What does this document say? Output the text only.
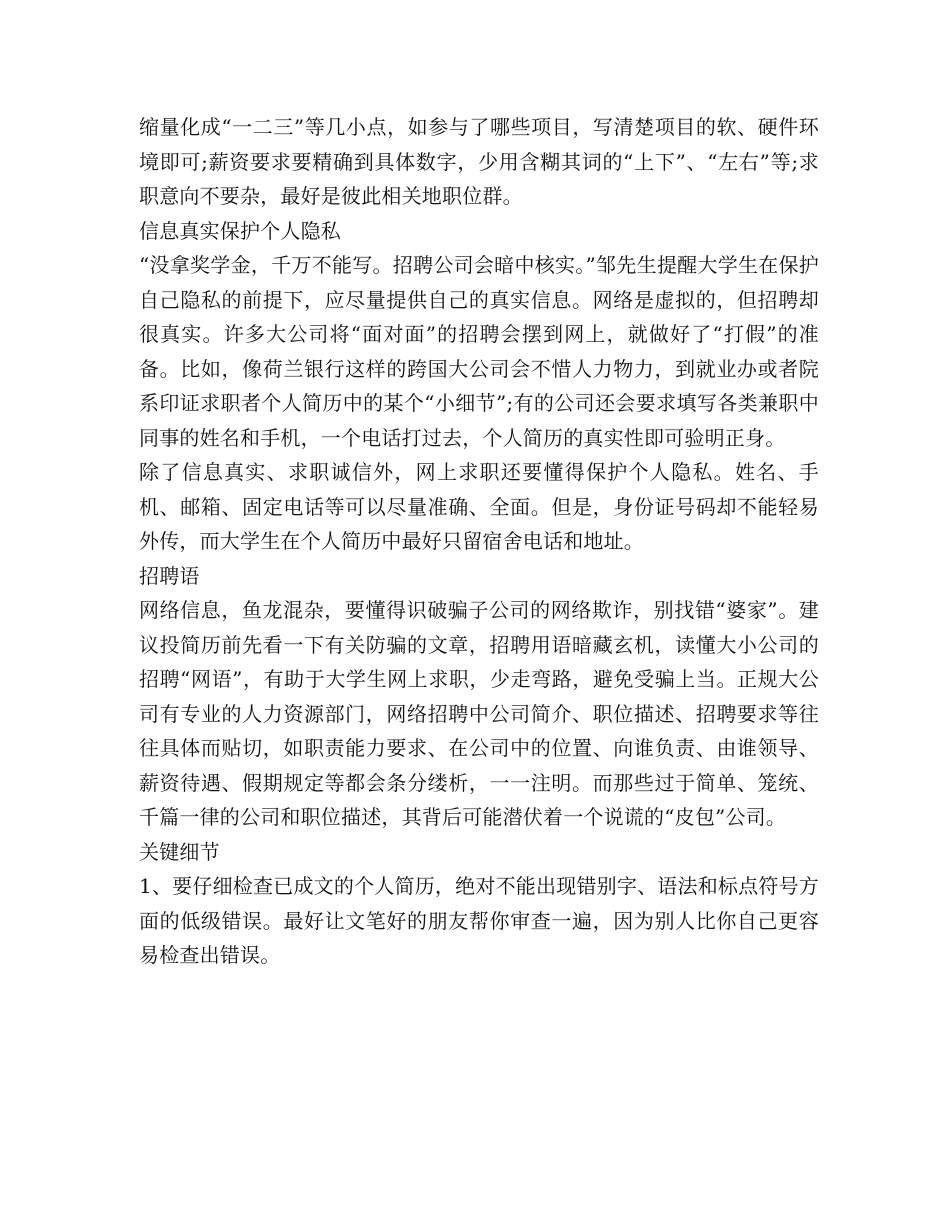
缩量化成“一二三”等几小点，如参与了哪些项目，写清楚项目的软、硬件环境即可;薪资要求要精确到具体数字，少用含糊其词的“上下”、“左右”等;求职意向不要杂，最好是彼此相关地职位群。

信息真实保护个人隐私

“没拿奖学金，千万不能写。招聘公司会暗中核实。”邹先生提醒大学生在保护自己隐私的前提下，应尽量提供自己的真实信息。网络是虚拟的，但招聘却很真实。许多大公司将“面对面”的招聘会摆到网上，就做好了“打假”的准备。比如，像荷兰银行这样的跨国大公司会不惜人力物力，到就业办或者院系印证求职者个人简历中的某个“小细节”;有的公司还会要求填写各类兼职中同事的姓名和手机，一个电话打过去，个人简历的真实性即可验明正身。

除了信息真实、求职诚信外，网上求职还要懂得保护个人隐私。姓名、手机、邮箱、固定电话等可以尽量准确、全面。但是，身份证号码却不能轻易外传，而大学生在个人简历中最好只留宿舍电话和地址。

招聘语

网络信息，鱼龙混杂，要懂得识破骗子公司的网络欺诈，别找错“婆家”。建议投简历前先看一下有关防骗的文章，招聘用语暗藏玄机，读懂大小公司的招聘“网语”，有助于大学生网上求职，少走弯路，避免受骗上当。正规大公司有专业的人力资源部门，网络招聘中公司简介、职位描述、招聘要求等往往具体而贴切，如职责能力要求、在公司中的位置、向谁负责、由谁领导、薪资待遇、假期规定等都会条分缕析，一一注明。而那些过于简单、笼统、千篇一律的公司和职位描述，其背后可能潜伏着一个说谎的“皮包”公司。

关键细节

1、要仔细检查已成文的个人简历，绝对不能出现错别字、语法和标点符号方面的低级错误。最好让文笔好的朋友帮你审查一遍，因为别人比你自己更容易检查出错误。
